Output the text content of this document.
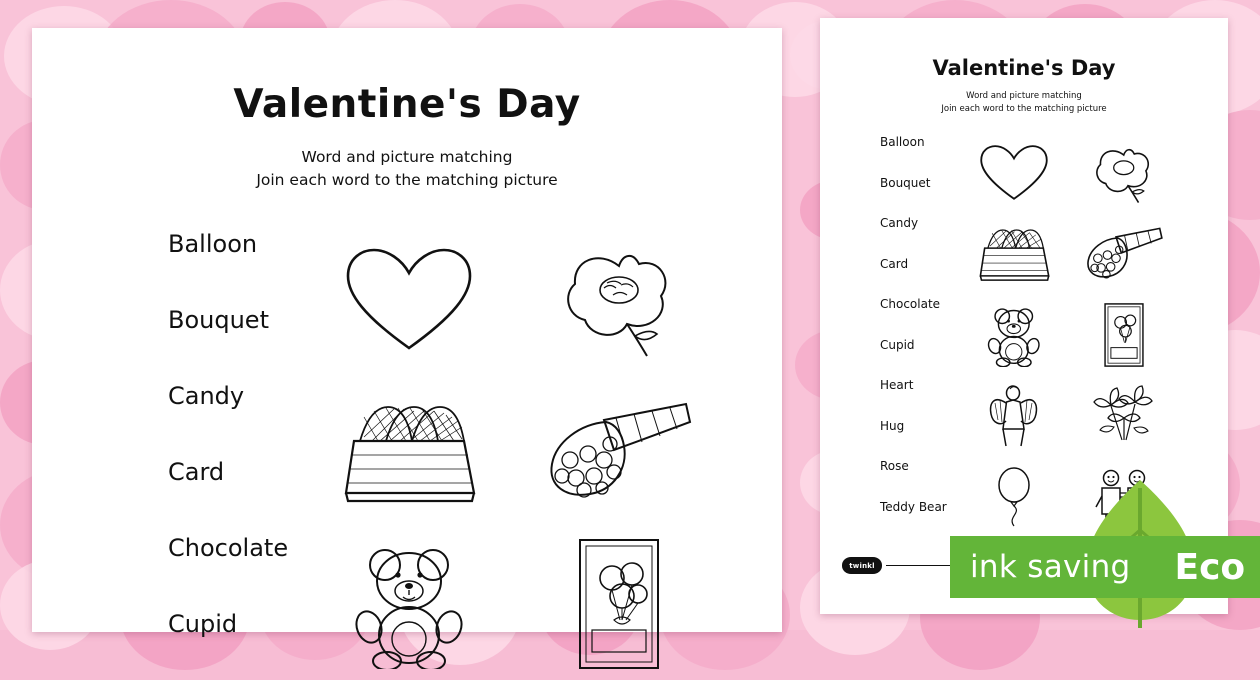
Valentine's Day
Word and picture matching
Join each word to the matching picture
Balloon
Bouquet
Candy
Card
Chocolate
Cupid
Valentine's Day
Word and picture matching
Join each word to the matching picture
Balloon
Bouquet
Candy
Card
Chocolate
Cupid
Heart
Hug
Rose
Teddy Bear
twinkl	ink saving Eco
